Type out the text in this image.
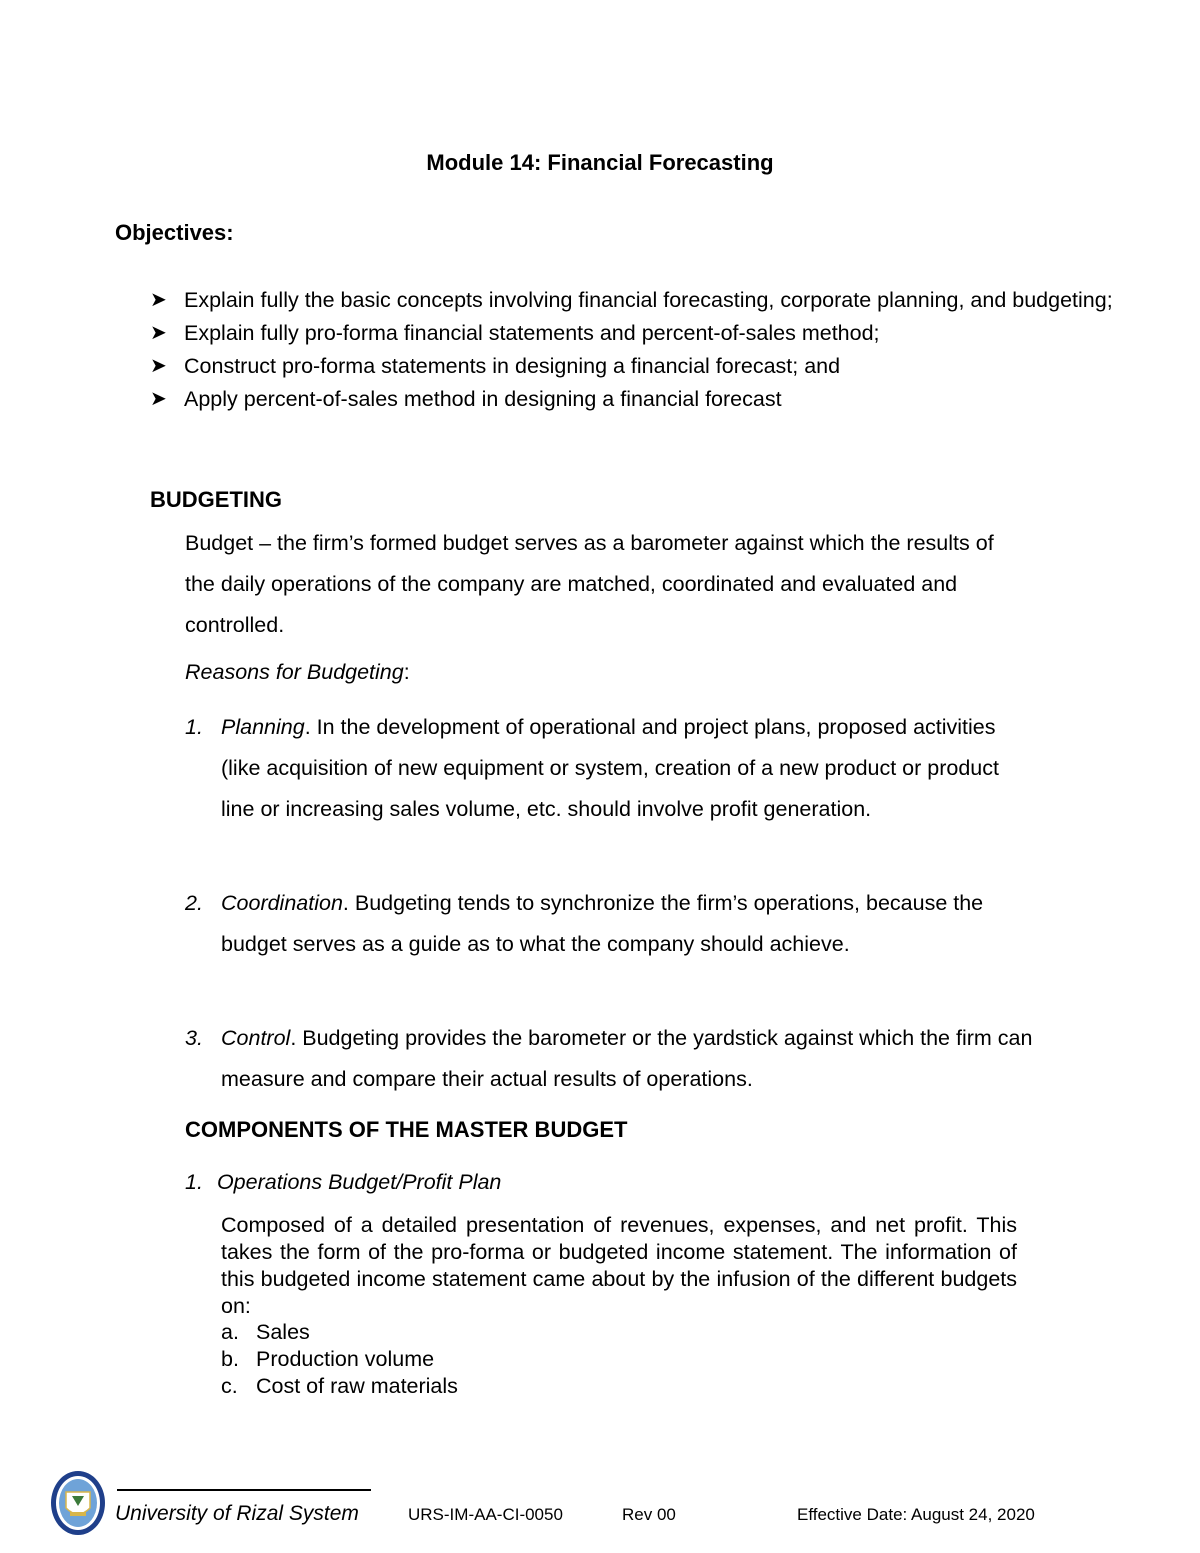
Module 14: Financial Forecasting
Objectives:
➤ Explain fully the basic concepts involving financial forecasting, corporate planning, and budgeting;
➤ Explain fully pro-forma financial statements and percent-of-sales method;
➤ Construct pro-forma statements in designing a financial forecast; and
➤ Apply percent-of-sales method in designing a financial forecast
BUDGETING

Budget – the firm’s formed budget serves as a barometer against which the results of the daily operations of the company are matched, coordinated and evaluated and controlled.

Reasons for Budgeting:
1. Planning. In the development of operational and project plans, proposed activities (like acquisition of new equipment or system, creation of a new product or product line or increasing sales volume, etc. should involve profit generation.
2. Coordination. Budgeting tends to synchronize the firm’s operations, because the budget serves as a guide as to what the company should achieve.
3. Control. Budgeting provides the barometer or the yardstick against which the firm can measure and compare their actual results of operations.
COMPONENTS OF THE MASTER BUDGET
1. Operations Budget/Profit Plan

Composed of a detailed presentation of revenues, expenses, and net profit. This takes the form of the pro-forma or budgeted income statement. The information of this budgeted income statement came about by the infusion of the different budgets on:

a. Sales
b. Production volume
c. Cost of raw materials
University of Rizal System	URS-IM-AA-CI-0050	Rev 00	Effective Date: August 24, 2020
